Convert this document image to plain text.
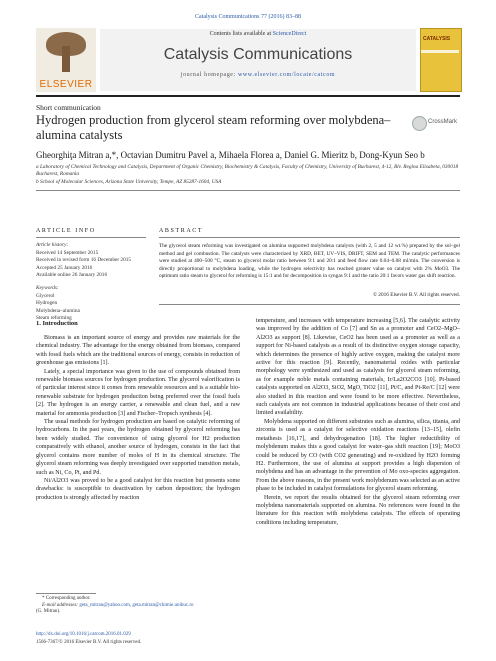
Catalysis Communications 77 (2016) 83–88
ELSEVIER
Contents lists available at ScienceDirect
Catalysis Communications
journal homepage: www.elsevier.com/locate/catcom
CATALYSIS
Short communication
Hydrogen production from glycerol steam reforming over molybdena–alumina catalysts
CrossMark
Gheorghiţa Mitran a,*, Octavian Dumitru Pavel a, Mihaela Florea a, Daniel G. Mieritz b, Dong-Kyun Seo b
a Laboratory of Chemical Technology and Catalysis, Department of Organic Chemistry, Biochemistry & Catalysis, Faculty of Chemistry, University of Bucharest, 4-12, Blv. Regina Elisabeta, 030018 Bucharest, Romania
b School of Molecular Sciences, Arizona State University, Tempe, AZ 85287-1604, USA
ARTICLE INFO	ABSTRACT
Article history:
Received 14 September 2015
Received in revised form 16 December 2015
Accepted 25 January 2016
Available online 26 January 2016
Keywords:
Glycerol
Hydrogen
Molybdena–alumina
Steam reforming
The glycerol steam reforming was investigated on alumina supported molybdena catalysts (with 2, 5 and 12 wt.%) prepared by the sol–gel method and gel combustion. The catalysts were characterized by XRD, BET, UV–VIS, DRIFT, SEM and TEM. The catalytic performances were studied at 400–500 °C, steam to glycerol molar ratio between 9:1 and 20:1 and feed flow rate 0.04–0.08 ml/min. The conversion is directly proportional to molybdena loading, while the hydrogen selectivity has reached greater value on catalyst with 2% MoO3. The optimum ratio steam to glycerol for reforming is 15:1 and for decomposition in syngas 9:1 and the ratio 20:1 favors water gas shift reaction.
© 2016 Elsevier B.V. All rights reserved.
1. Introduction

Biomass is an important source of energy and provides raw materials for the chemical industry. The advantage for the energy obtained from biomass, compared with fossil fuels which are the traditional sources of energy, consists in reduction of greenhouse gas emissions [1].

Lately, a special importance was given to the use of compounds obtained from renewable biomass sources for hydrogen production. The glycerol valorification is of particular interest since it comes from renewable resources and is a suitable bio-renewable substrate for hydrogen production being preferred over the fossil fuels [2]. The hydrogen is an energy carrier, a renewable and clean fuel, and a raw material for ammonia production [3] and Fischer–Tropsch synthesis [4].

The usual methods for hydrogen production are based on catalytic reforming of hydrocarbons. In the past years, the hydrogen obtained by glycerol reforming has been widely studied. The convenience of using glycerol for H2 production comparatively with ethanol, another source of hydrogen, consists in the fact that glycerol contains more number of moles of H in its chemical structure. The glycerol steam reforming was deeply investigated over supported transition metals, such as Ni, Co, Pt, and Pd.

Ni/Al2O3 was proved to be a good catalyst for this reaction but presents some drawbacks: is susceptible to deactivation by carbon deposition; the hydrogen production is strongly affected by reaction

temperature, and increases with temperature increasing [5,6]. The catalytic activity was improved by the addition of Co [7] and Sn as a promoter and CeO2–MgO–Al2O3 as support [8]. Likewise, CeO2 has been used as a promoter as well as a support for Ni-based catalysts as a result of its distinctive oxygen storage capacity, which determines the presence of highly active oxygen, making the catalyst more active for this reaction [9]. Recently, nanomaterial oxides with particular morphology were synthesized and used as catalysts for glycerol steam reforming, as for example noble metals containing materials, Ir/La2O2CO3 [10]. Pt-based catalysts supported on Al2O3, SiO2, MgO, TiO2 [11], Pt/C, and Pt-Re/C [12] were also studied in this reaction and were found to be more effective. Nevertheless, such catalysts are not common in industrial applications because of their cost and limited availability.

Molybdena supported on different substrates such as alumina, silica, titania, and zirconia is used as a catalyst for selective oxidation reactions [13–15], olefin metathesis [16,17], and dehydrogenation [18]. The higher reductibility of molybdenum makes this a good catalyst for water–gas shift reaction [19]; MoO3 could be reduced by CO (with CO2 generating) and re-oxidized by H2O forming H2. Furthermore, the use of alumina at support provides a high dispersion of molybdena and has an advantage in the prevention of Mo oxo-species aggregation. From the above reasons, in the present work molybdenum was selected as an active phase to be included in catalyst formulations for glycerol steam reforming.

Herein, we report the results obtained for the glycerol steam reforming over molybdena nanomaterials supported on alumina. No references were found in the literature for this reaction with molybdena catalysts. The effects of operating conditions including temperature,

* Corresponding author.
E-mail addresses: geta_mitran@yahoo.com, geta.mitran@chimie.unibuc.ro
(G. Mitran).
http://dx.doi.org/10.1016/j.catcom.2016.01.029
1566-7367/© 2016 Elsevier B.V. All rights reserved.
